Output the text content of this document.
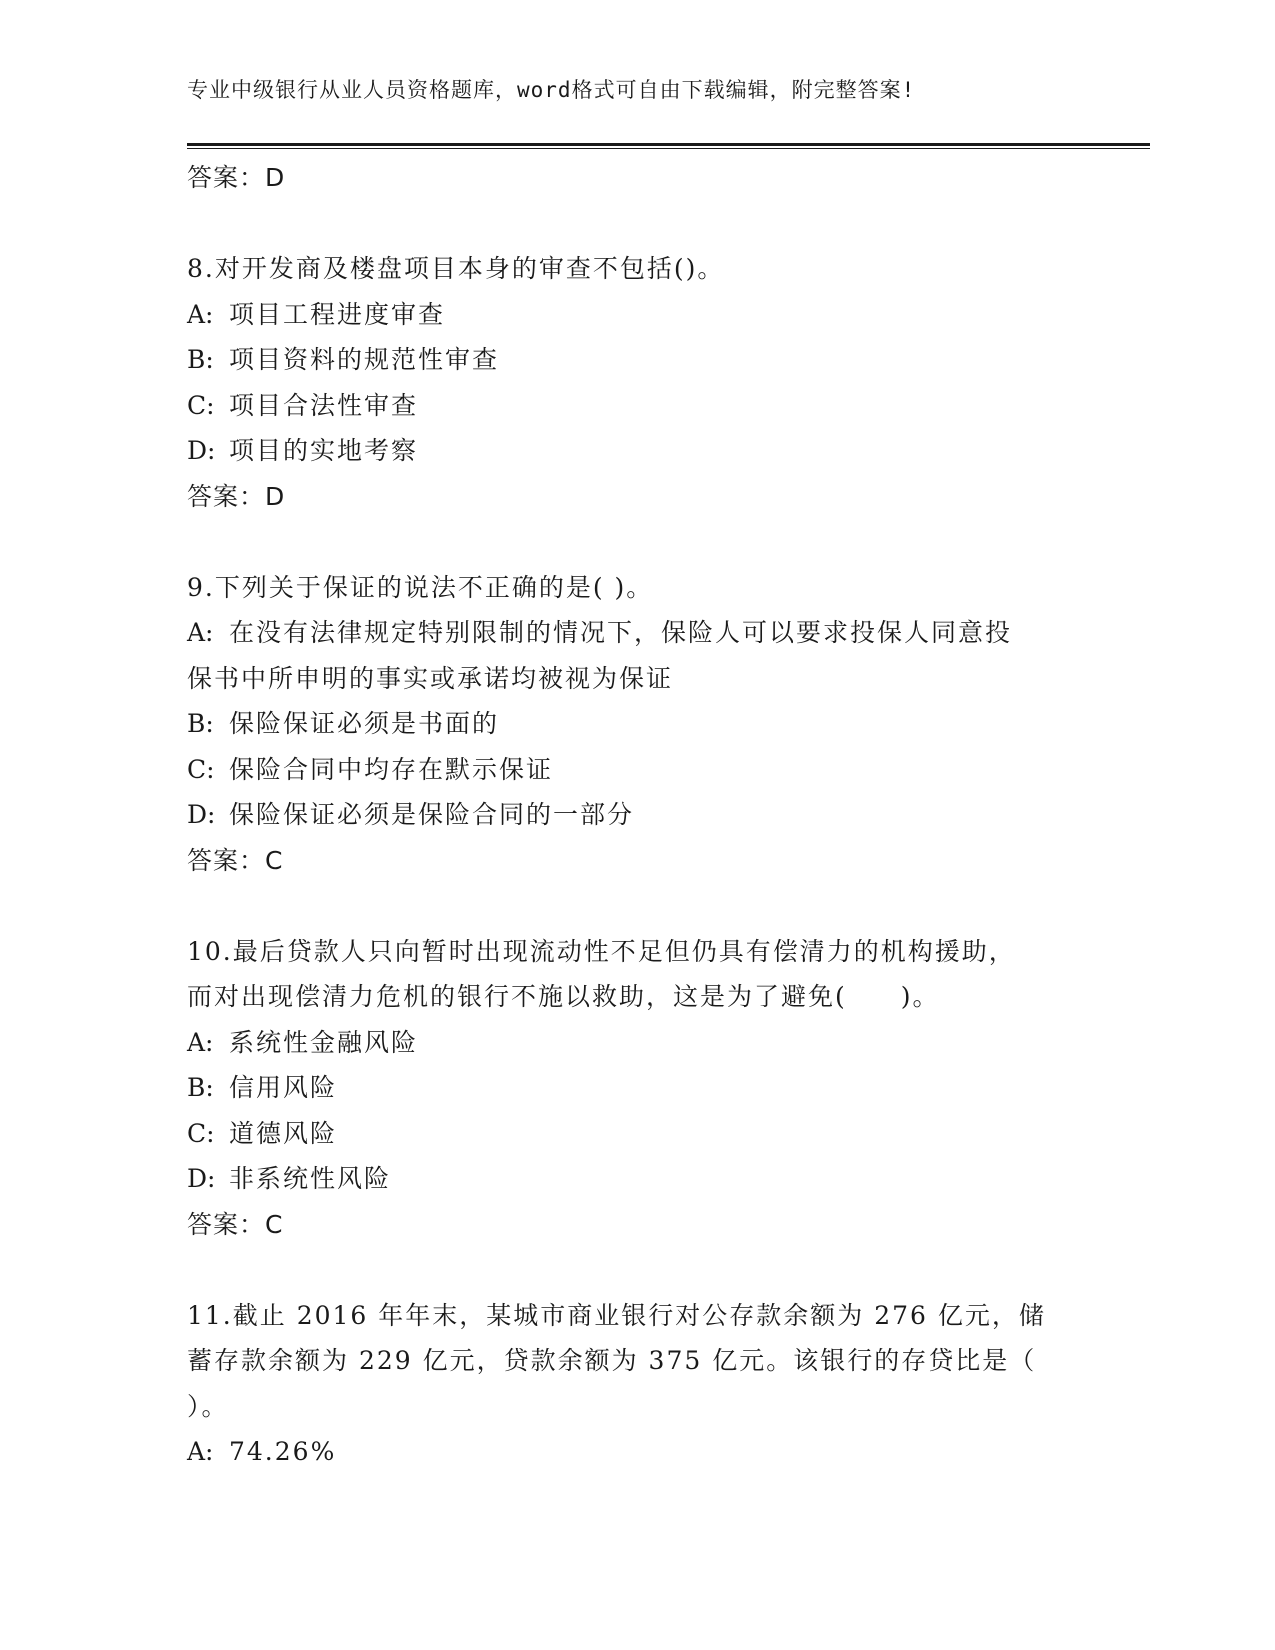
专业中级银行从业人员资格题库，word格式可自由下载编辑，附完整答案!
答案：D
8.对开发商及楼盘项目本身的审查不包括()。
A: 项目工程进度审查
B: 项目资料的规范性审查
C: 项目合法性审查
D: 项目的实地考察
答案：D
9.下列关于保证的说法不正确的是( )。
A: 在没有法律规定特别限制的情况下，保险人可以要求投保人同意投
保书中所申明的事实或承诺均被视为保证
B: 保险保证必须是书面的
C: 保险合同中均存在默示保证
D: 保险保证必须是保险合同的一部分
答案：C
10.最后贷款人只向暂时出现流动性不足但仍具有偿清力的机构援助，
而对出现偿清力危机的银行不施以救助，这是为了避免(　　)。
A: 系统性金融风险
B: 信用风险
C: 道德风险
D: 非系统性风险
答案：C
11.截止 2016 年年末，某城市商业银行对公存款余额为 276 亿元，储
蓄存款余额为 229 亿元，贷款余额为 375 亿元。该银行的存贷比是（
）。
A: 74.26%
